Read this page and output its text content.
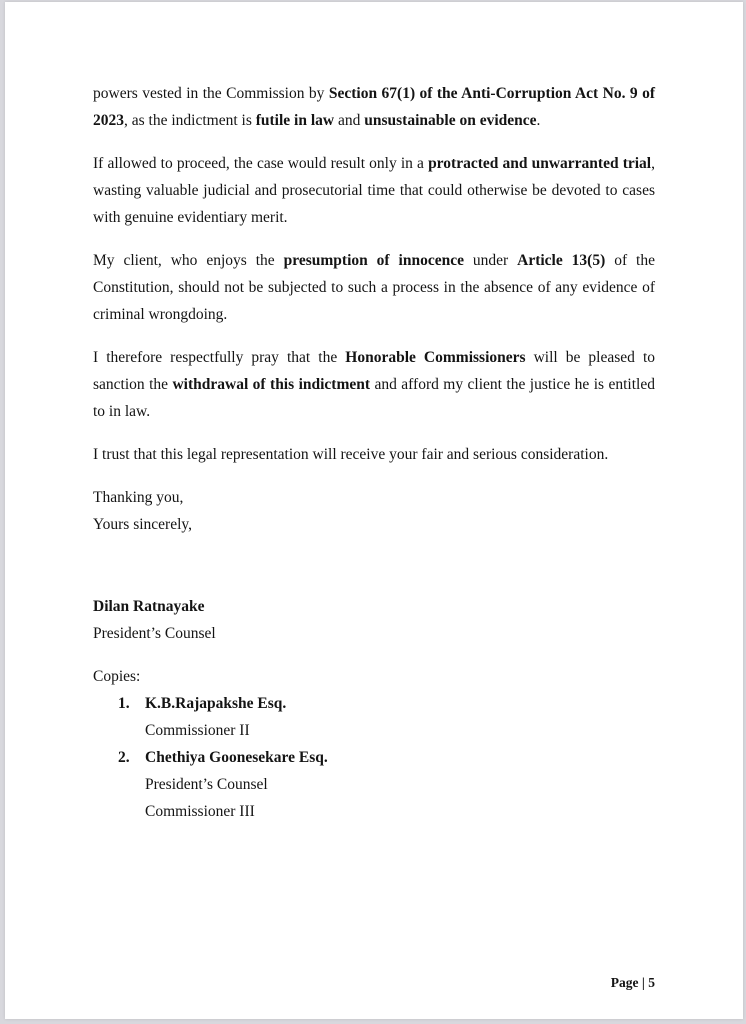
powers vested in the Commission by Section 67(1) of the Anti-Corruption Act No. 9 of 2023, as the indictment is futile in law and unsustainable on evidence.

If allowed to proceed, the case would result only in a protracted and unwarranted trial, wasting valuable judicial and prosecutorial time that could otherwise be devoted to cases with genuine evidentiary merit.

My client, who enjoys the presumption of innocence under Article 13(5) of the Constitution, should not be subjected to such a process in the absence of any evidence of criminal wrongdoing.

I therefore respectfully pray that the Honorable Commissioners will be pleased to sanction the withdrawal of this indictment and afford my client the justice he is entitled to in law.

I trust that this legal representation will receive your fair and serious consideration.

Thanking you,

Yours sincerely,

Dilan Ratnayake
President’s Counsel
Copies:
1. K.B.Rajapakshe Esq.
Commissioner II
2. Chethiya Goonesekare Esq.
President’s Counsel
Commissioner III
Page | 5
